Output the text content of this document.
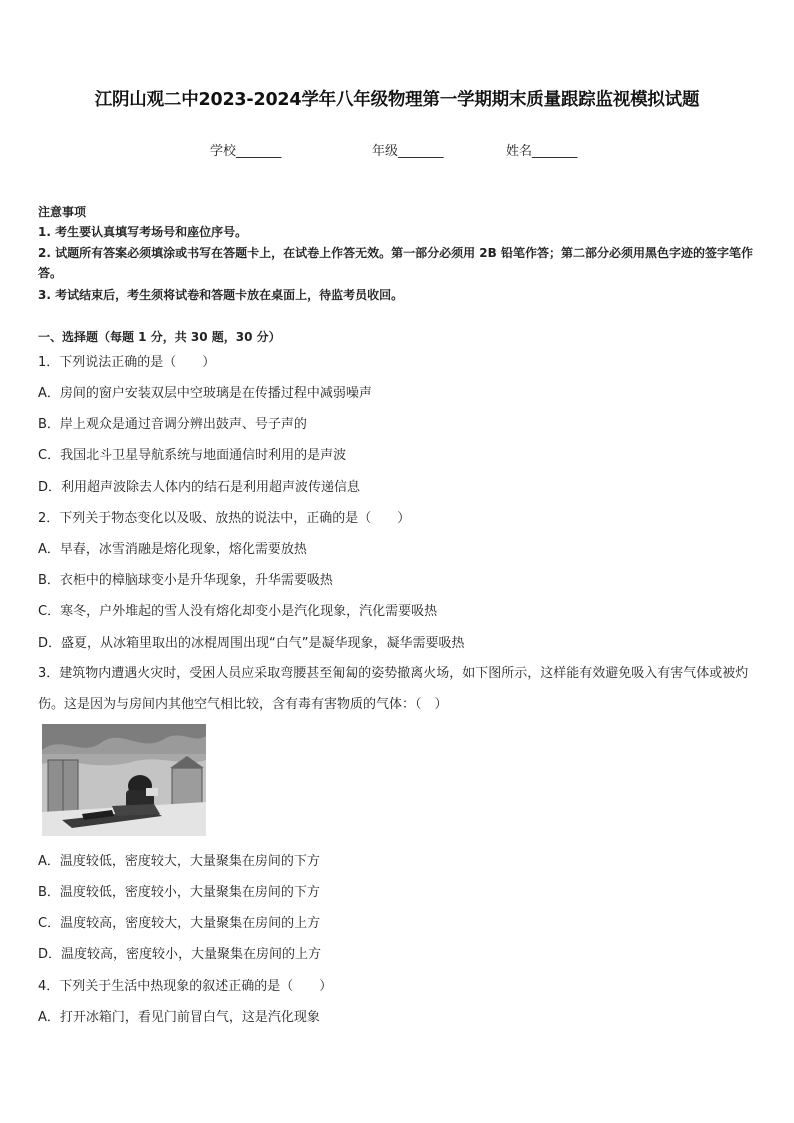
江阴山观二中2023-2024学年八年级物理第一学期期末质量跟踪监视模拟试题
学校_______	年级_______	姓名_______
注意事项
1. 考生要认真填写考场号和座位序号。
2. 试题所有答案必须填涂或书写在答题卡上，在试卷上作答无效。第一部分必须用 2B 铅笔作答；第二部分必须用黑色字迹的签字笔作答。
3. 考试结束后，考生须将试卷和答题卡放在桌面上，待监考员收回。
一、选择题（每题 1 分，共 30 题，30 分）
1．下列说法正确的是（　　）
A．房间的窗户安装双层中空玻璃是在传播过程中减弱噪声
B．岸上观众是通过音调分辨出鼓声、号子声的
C．我国北斗卫星导航系统与地面通信时利用的是声波
D．利用超声波除去人体内的结石是利用超声波传递信息
2．下列关于物态变化以及吸、放热的说法中，正确的是（　　）
A．早春，冰雪消融是熔化现象，熔化需要放热
B．衣柜中的樟脑球变小是升华现象，升华需要吸热
C．寒冬，户外堆起的雪人没有熔化却变小是汽化现象，汽化需要吸热
D．盛夏，从冰箱里取出的冰棍周围出现“白气”是凝华现象，凝华需要吸热
3．建筑物内遭遇火灾时，受困人员应采取弯腰甚至匍匐的姿势撤离火场，如下图所示，这样能有效避免吸入有害气体或被灼伤。这是因为与房间内其他空气相比较，含有毒有害物质的气体：（　）
A．温度较低，密度较大，大量聚集在房间的下方
B．温度较低，密度较小，大量聚集在房间的下方
C．温度较高，密度较大，大量聚集在房间的上方
D．温度较高，密度较小，大量聚集在房间的上方
4．下列关于生活中热现象的叙述正确的是（　　）
A．打开冰箱门，看见门前冒白气，这是汽化现象
